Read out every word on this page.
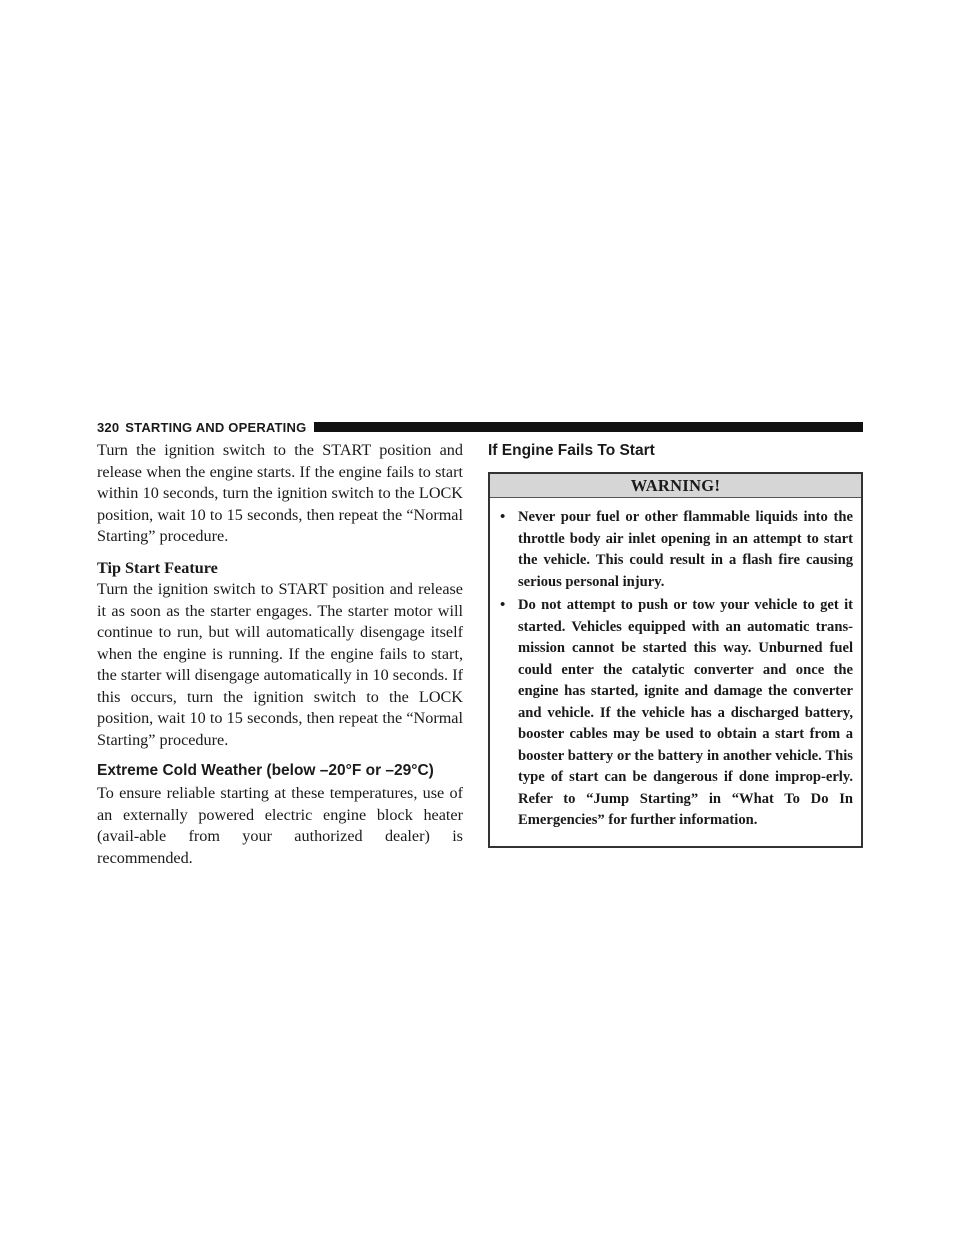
320 STARTING AND OPERATING

Turn the ignition switch to the START position and release when the engine starts. If the engine fails to start within 10 seconds, turn the ignition switch to the LOCK position, wait 10 to 15 seconds, then repeat the “Normal Starting” procedure.

Tip Start Feature

Turn the ignition switch to START position and release it as soon as the starter engages. The starter motor will continue to run, but will automatically disengage itself when the engine is running. If the engine fails to start, the starter will disengage automatically in 10 seconds. If this occurs, turn the ignition switch to the LOCK position, wait 10 to 15 seconds, then repeat the “Normal Starting” procedure.

Extreme Cold Weather (below –20°F or –29°C)

To ensure reliable starting at these temperatures, use of an externally powered electric engine block heater (avail-able from your authorized dealer) is recommended.

If Engine Fails To Start

WARNING!
• Never pour fuel or other flammable liquids into the throttle body air inlet opening in an attempt to start the vehicle. This could result in a flash fire causing serious personal injury.
• Do not attempt to push or tow your vehicle to get it started. Vehicles equipped with an automatic trans-mission cannot be started this way. Unburned fuel could enter the catalytic converter and once the engine has started, ignite and damage the converter and vehicle. If the vehicle has a discharged battery, booster cables may be used to obtain a start from a booster battery or the battery in another vehicle. This type of start can be dangerous if done improp-erly. Refer to “Jump Starting” in “What To Do In Emergencies” for further information.
